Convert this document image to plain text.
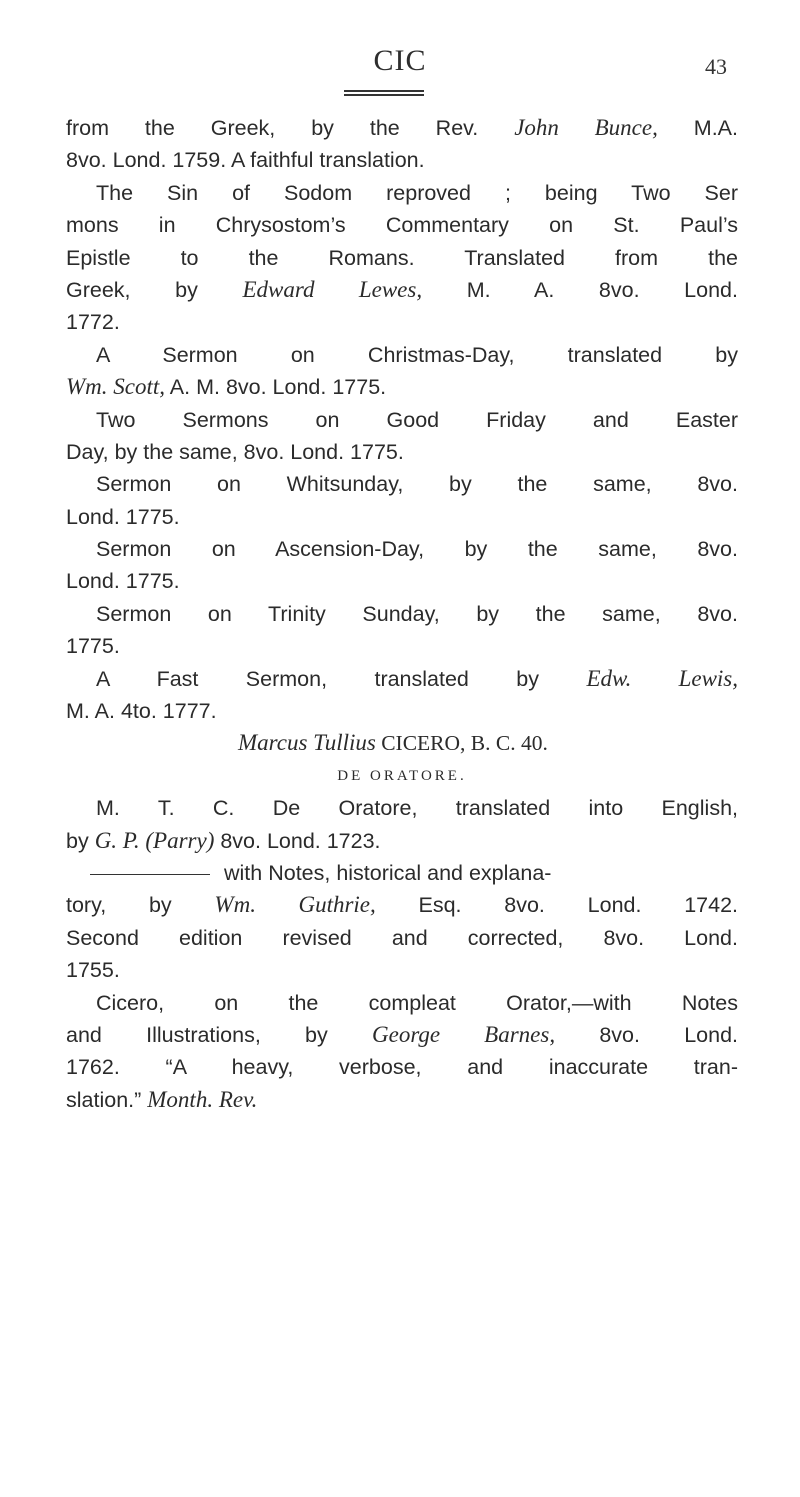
CIC	43
from the Greek, by the Rev. John Bunce, M.A.
8vo. Lond. 1759. A faithful translation.
The Sin of Sodom reproved ; being Two Ser
mons in Chrysostom’s Commentary on St. Paul’s
Epistle to the Romans. Translated from the
Greek, by Edward Lewes, M. A. 8vo. Lond.
1772.
A Sermon on Christmas-Day, translated by
Wm. Scott, A. M. 8vo. Lond. 1775.
Two Sermons on Good Friday and Easter
Day, by the same, 8vo. Lond. 1775.
Sermon on Whitsunday, by the same, 8vo.
Lond. 1775.
Sermon on Ascension-Day, by the same, 8vo.
Lond. 1775.
Sermon on Trinity Sunday, by the same, 8vo.
1775.
A Fast Sermon, translated by Edw. Lewis,
M. A. 4to. 1777.
Marcus Tullius CICERO, B. C. 40.
DE ORATORE.
M. T. C. De Oratore, translated into English,
by G. P. (Parry) 8vo. Lond. 1723.
with Notes, historical and explana-
tory, by Wm. Guthrie, Esq. 8vo. Lond. 1742.
Second edition revised and corrected, 8vo. Lond.
1755.
Cicero, on the compleat Orator,—with Notes
and Illustrations, by George Barnes, 8vo. Lond.
1762. “A heavy, verbose, and inaccurate tran-
slation.” Month. Rev.
